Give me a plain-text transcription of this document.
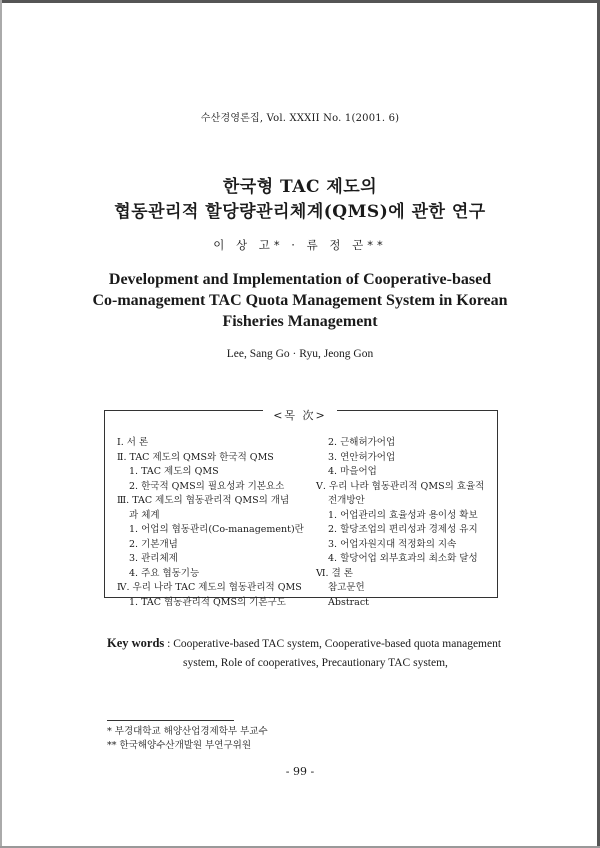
수산경영론집, Vol. XXXII No. 1(2001. 6)
한국형 TAC 제도의
협동관리적 할당량관리체계(QMS)에 관한 연구
이 상 고* · 류 정 곤**
Development and Implementation of Cooperative-based
Co-management TAC Quota Management System in Korean
Fisheries Management
Lee, Sang Go · Ryu, Jeong Gon
<목 次>
Ⅰ. 서 론
Ⅱ. TAC 제도의 QMS와 한국적 QMS
1. TAC 제도의 QMS
2. 한국적 QMS의 필요성과 기본요소
Ⅲ. TAC 제도의 협동관리적 QMS의 개념
과 체계
1. 어업의 협동관리(Co-management)란
2. 기본개념
3. 관리체제
4. 주요 협동기능
Ⅳ. 우리 나라 TAC 제도의 협동관리적 QMS
1. TAC 협동관리적 QMS의 기본구도
2. 근해허가어업
3. 연안허가어업
4. 마을어업
Ⅴ. 우리 나라 협동관리적 QMS의 효율적
전개방안
1. 어업관리의 효율성과 용이성 확보
2. 할당조업의 편리성과 경제성 유지
3. 어업자원지대 적정화의 지속
4. 할당어업 외부효과의 최소화 달성
Ⅵ. 결 론
참고문헌
Abstract
Key words : Cooperative-based TAC system, Cooperative-based quota management
system, Role of cooperatives, Precautionary TAC system,
* 부경대학교 해양산업경제학부 부교수
** 한국해양수산개발원 부연구위원
- 99 -
